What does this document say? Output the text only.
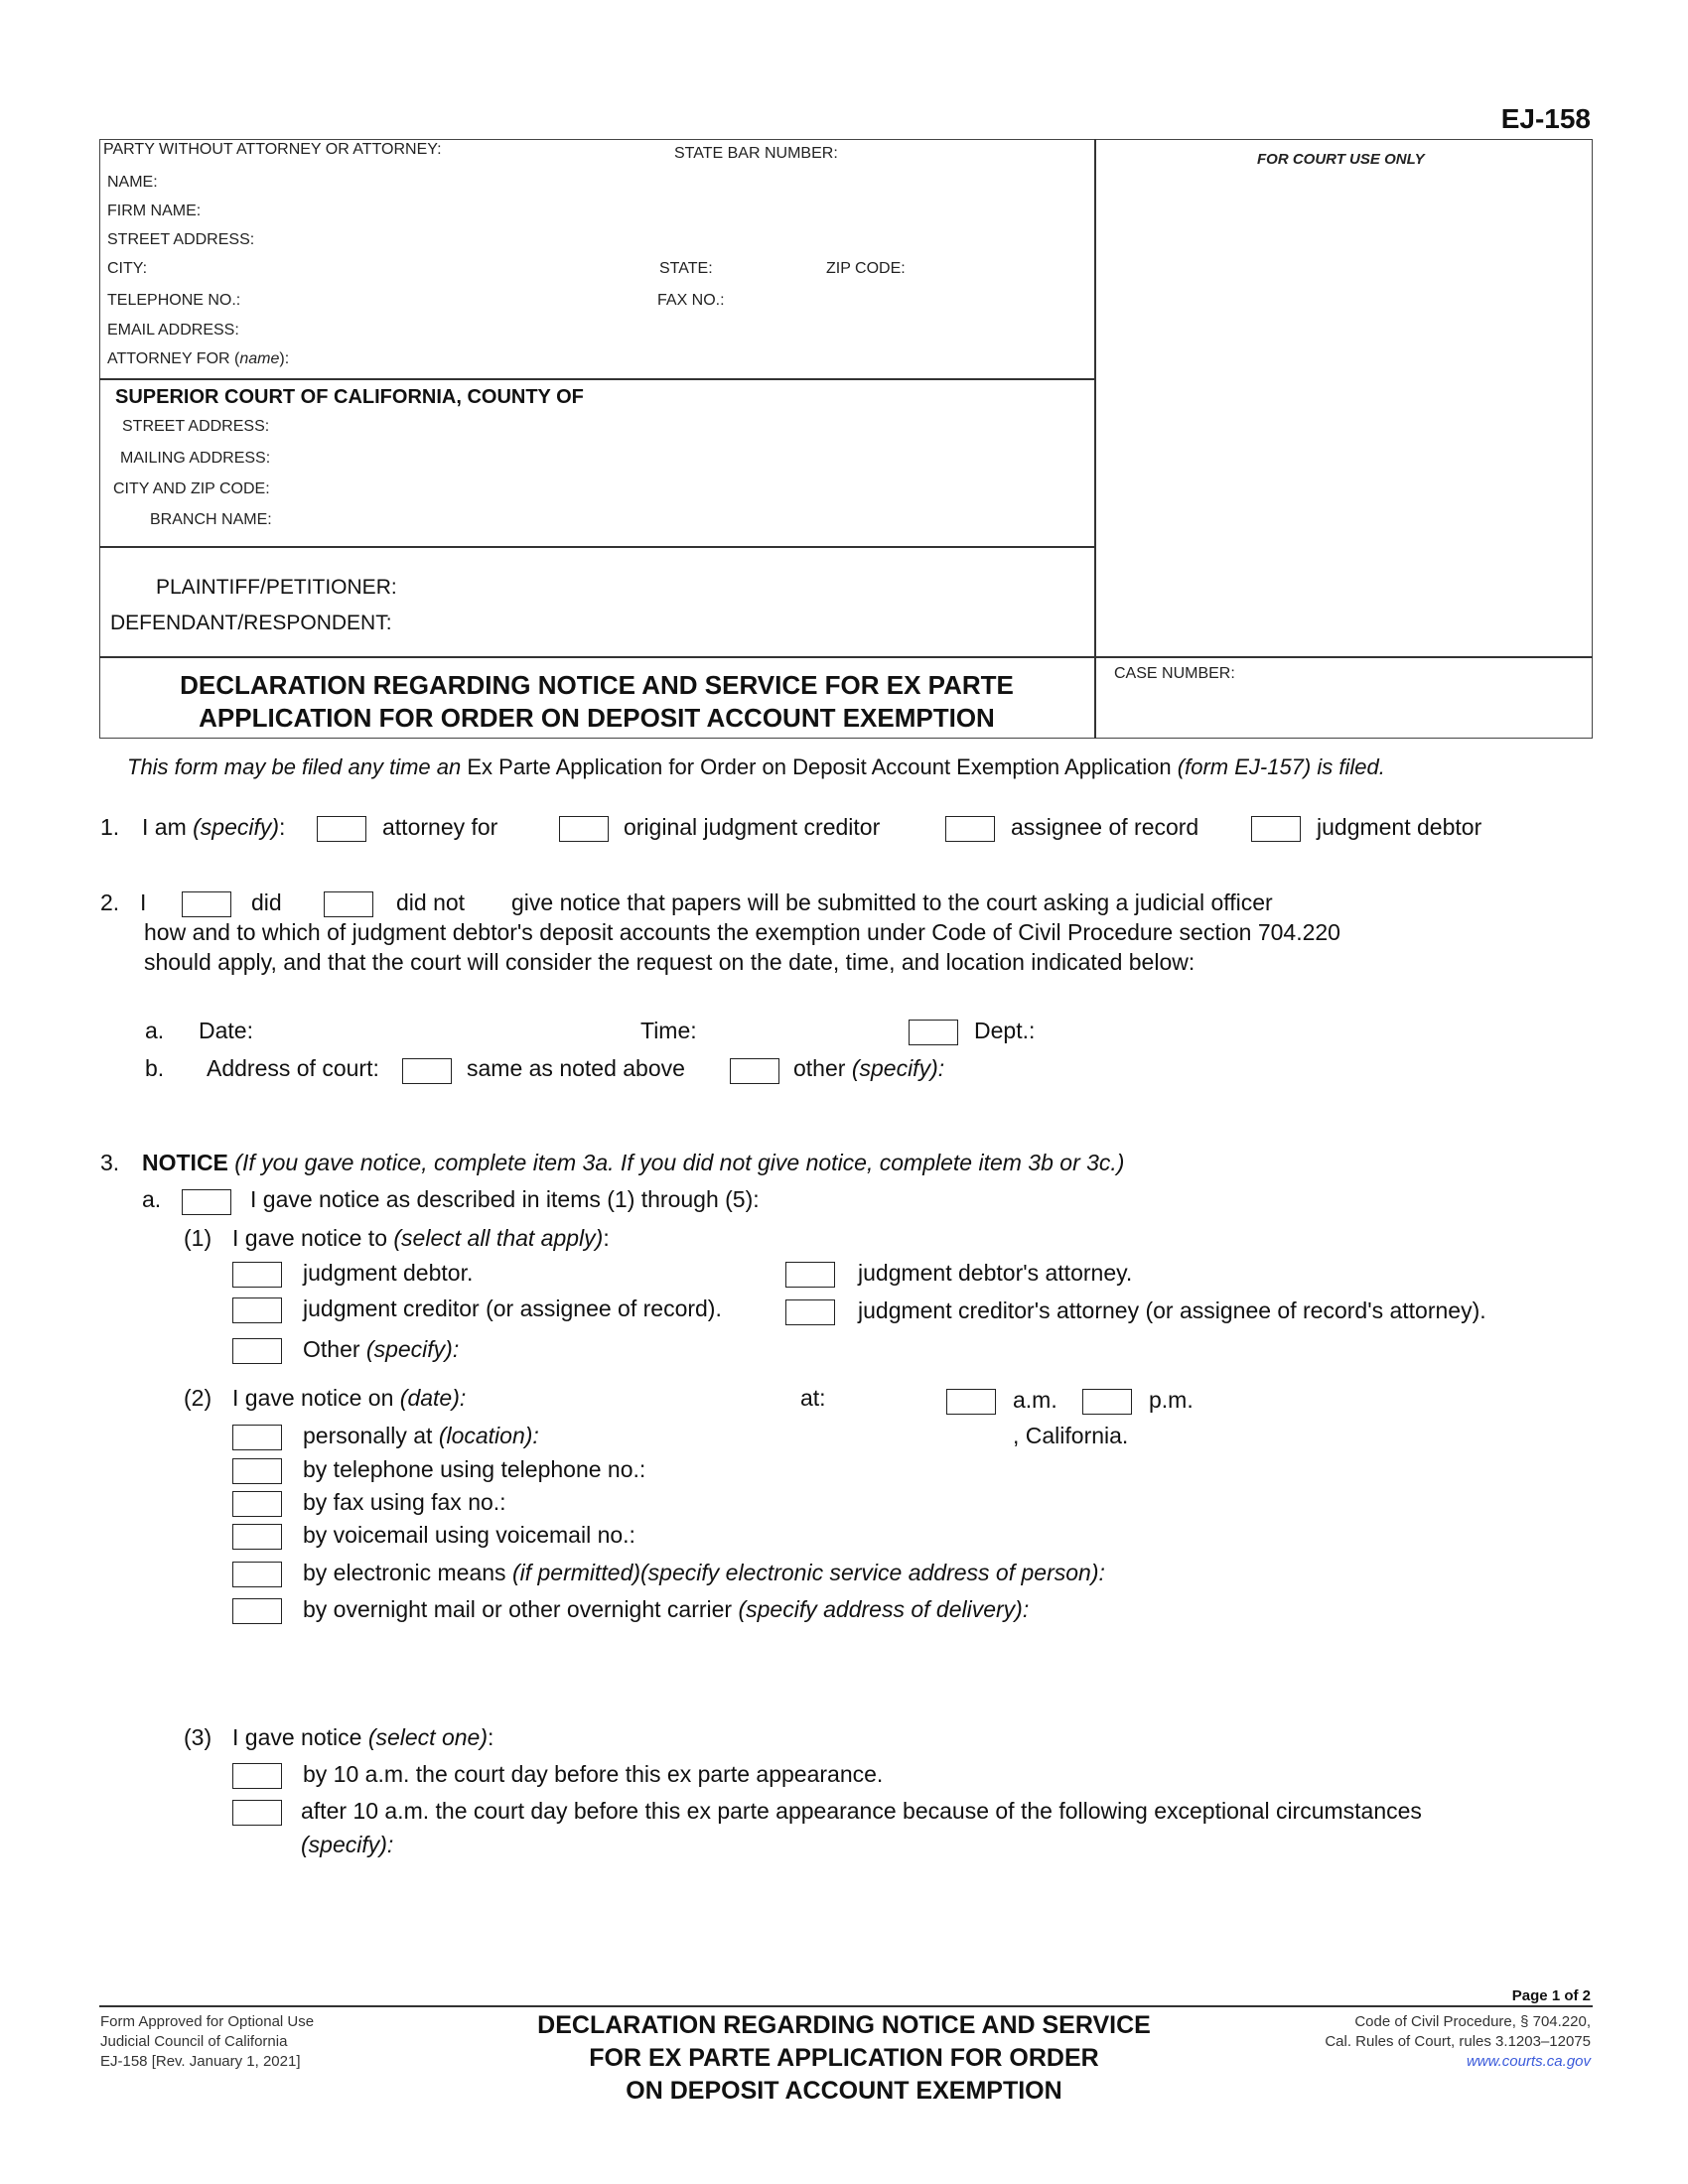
EJ-158
PARTY WITHOUT ATTORNEY OR ATTORNEY:	STATE BAR NUMBER:	FOR COURT USE ONLY
NAME:
FIRM NAME:
STREET ADDRESS:
CITY:	STATE:	ZIP CODE:
TELEPHONE NO.:	FAX NO.:
EMAIL ADDRESS:
ATTORNEY FOR (name):
SUPERIOR COURT OF CALIFORNIA, COUNTY OF
STREET ADDRESS:
MAILING ADDRESS:
CITY AND ZIP CODE:
BRANCH NAME:
PLAINTIFF/PETITIONER:
DEFENDANT/RESPONDENT:
DECLARATION REGARDING NOTICE AND SERVICE FOR EX PARTE
APPLICATION FOR ORDER ON DEPOSIT ACCOUNT EXEMPTION
CASE NUMBER:
This form may be filed any time an Ex Parte Application for Order on Deposit Account Exemption Application (form EJ-157) is filed.
1. I am (specify):	attorney for	original judgment creditor	assignee of record	judgment debtor
2. I	did	did not give notice that papers will be submitted to the court asking a judicial officer
how and to which of judgment debtor's deposit accounts the exemption under Code of Civil Procedure section 704.220
should apply, and that the court will consider the request on the date, time, and location indicated below:
a. Date:	Time:	Dept.:
b. Address of court:	same as noted above	other (specify):
3. NOTICE (If you gave notice, complete item 3a. If you did not give notice, complete item 3b or 3c.)
a.	I gave notice as described in items (1) through (5):
(1) I gave notice to (select all that apply):
judgment debtor.	judgment debtor's attorney.
judgment creditor (or assignee of record).	judgment creditor's attorney (or assignee of record's attorney).
Other (specify):
(2) I gave notice on (date):	at:	a.m.	p.m.
personally at (location):	, California.
by telephone using telephone no.:
by fax using fax no.:
by voicemail using voicemail no.:
by electronic means (if permitted)(specify electronic service address of person):
by overnight mail or other overnight carrier (specify address of delivery):
(3) I gave notice (select one):
by 10 a.m. the court day before this ex parte appearance.
after 10 a.m. the court day before this ex parte appearance because of the following exceptional circumstances
(specify):
Page 1 of 2
Form Approved for Optional Use
Judicial Council of California
EJ-158 [Rev. January 1, 2021]
DECLARATION REGARDING NOTICE AND SERVICE
FOR EX PARTE APPLICATION FOR ORDER
ON DEPOSIT ACCOUNT EXEMPTION
Code of Civil Procedure, § 704.220,
Cal. Rules of Court, rules 3.1203–12075
www.courts.ca.gov
